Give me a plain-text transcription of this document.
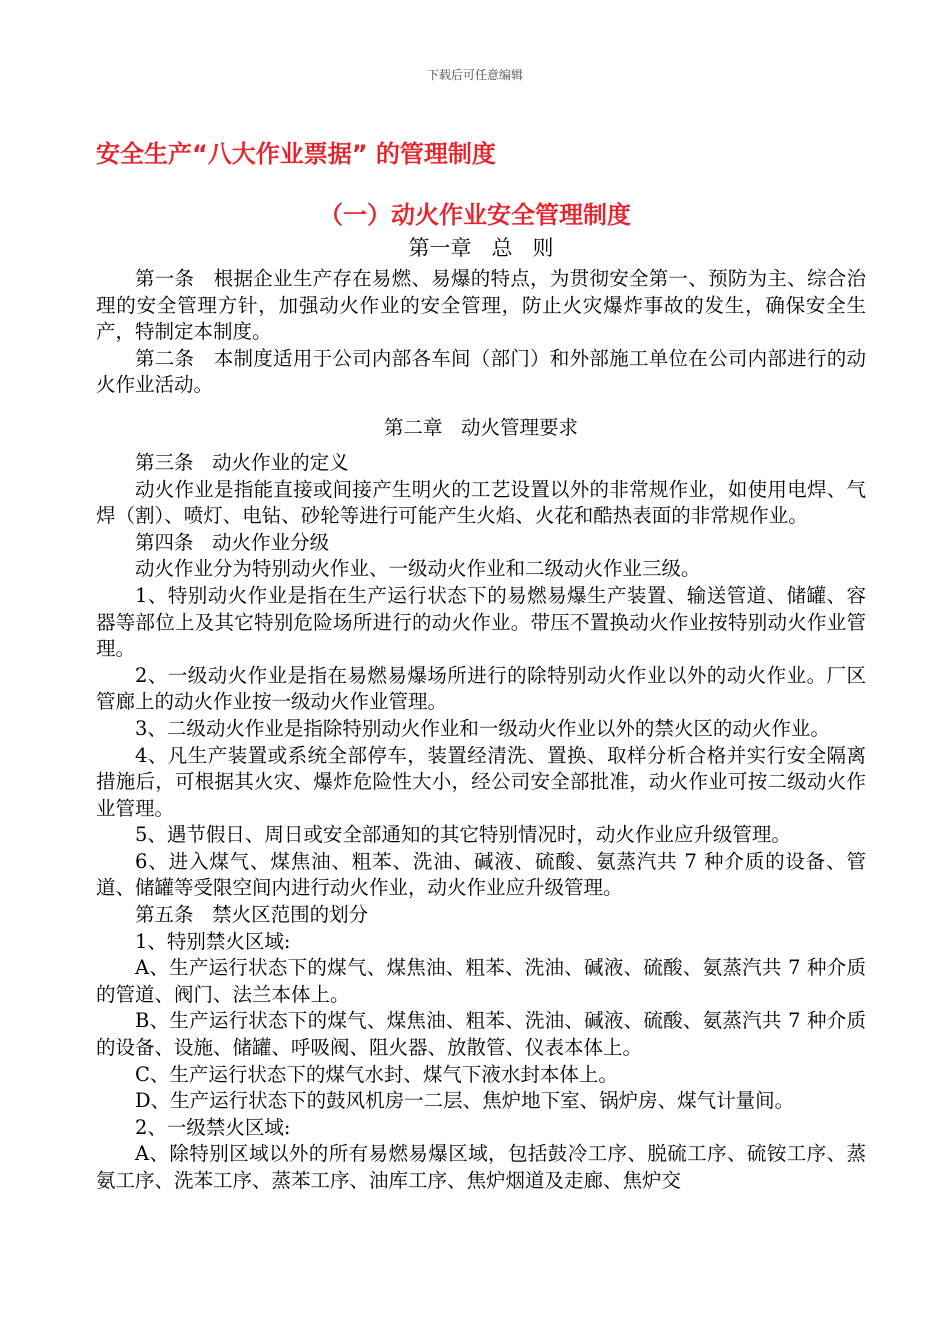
下载后可任意编辑
安全生产“八大作业票据” 的管理制度
（一）动火作业安全管理制度
第一章   总   则

第一条   根据企业生产存在易燃、易爆的特点，为贯彻安全第一、预防为主、综合治理的安全管理方针，加强动火作业的安全管理，防止火灾爆炸事故的发生，确保安全生产，特制定本制度。

第二条   本制度适用于公司内部各车间（部门）和外部施工单位在公司内部进行的动火作业活动。

第二章   动火管理要求

第三条   动火作业的定义

动火作业是指能直接或间接产生明火的工艺设置以外的非常规作业，如使用电焊、气焊（割）、喷灯、电钻、砂轮等进行可能产生火焰、火花和酷热表面的非常规作业。

第四条   动火作业分级

动火作业分为特别动火作业、一级动火作业和二级动火作业三级。

1、特别动火作业是指在生产运行状态下的易燃易爆生产装置、输送管道、储罐、容器等部位上及其它特别危险场所进行的动火作业。带压不置换动火作业按特别动火作业管理。

2、一级动火作业是指在易燃易爆场所进行的除特别动火作业以外的动火作业。厂区管廊上的动火作业按一级动火作业管理。

3、二级动火作业是指除特别动火作业和一级动火作业以外的禁火区的动火作业。

4、凡生产装置或系统全部停车，装置经清洗、置换、取样分析合格并实行安全隔离措施后，可根据其火灾、爆炸危险性大小，经公司安全部批准，动火作业可按二级动火作业管理。

5、遇节假日、周日或安全部通知的其它特别情况时，动火作业应升级管理。

6、进入煤气、煤焦油、粗苯、洗油、碱液、硫酸、氨蒸汽共 7 种介质的设备、管道、储罐等受限空间内进行动火作业，动火作业应升级管理。

第五条   禁火区范围的划分

1、特别禁火区域:

A、生产运行状态下的煤气、煤焦油、粗苯、洗油、碱液、硫酸、氨蒸汽共 7 种介质的管道、阀门、法兰本体上。

B、生产运行状态下的煤气、煤焦油、粗苯、洗油、碱液、硫酸、氨蒸汽共 7 种介质的设备、设施、储罐、呼吸阀、阻火器、放散管、仪表本体上。

C、生产运行状态下的煤气水封、煤气下液水封本体上。

D、生产运行状态下的鼓风机房一二层、焦炉地下室、锅炉房、煤气计量间。

2、一级禁火区域:

A、除特别区域以外的所有易燃易爆区域，包括鼓冷工序、脱硫工序、硫铵工序、蒸氨工序、洗苯工序、蒸苯工序、油库工序、焦炉烟道及走廊、焦炉交
